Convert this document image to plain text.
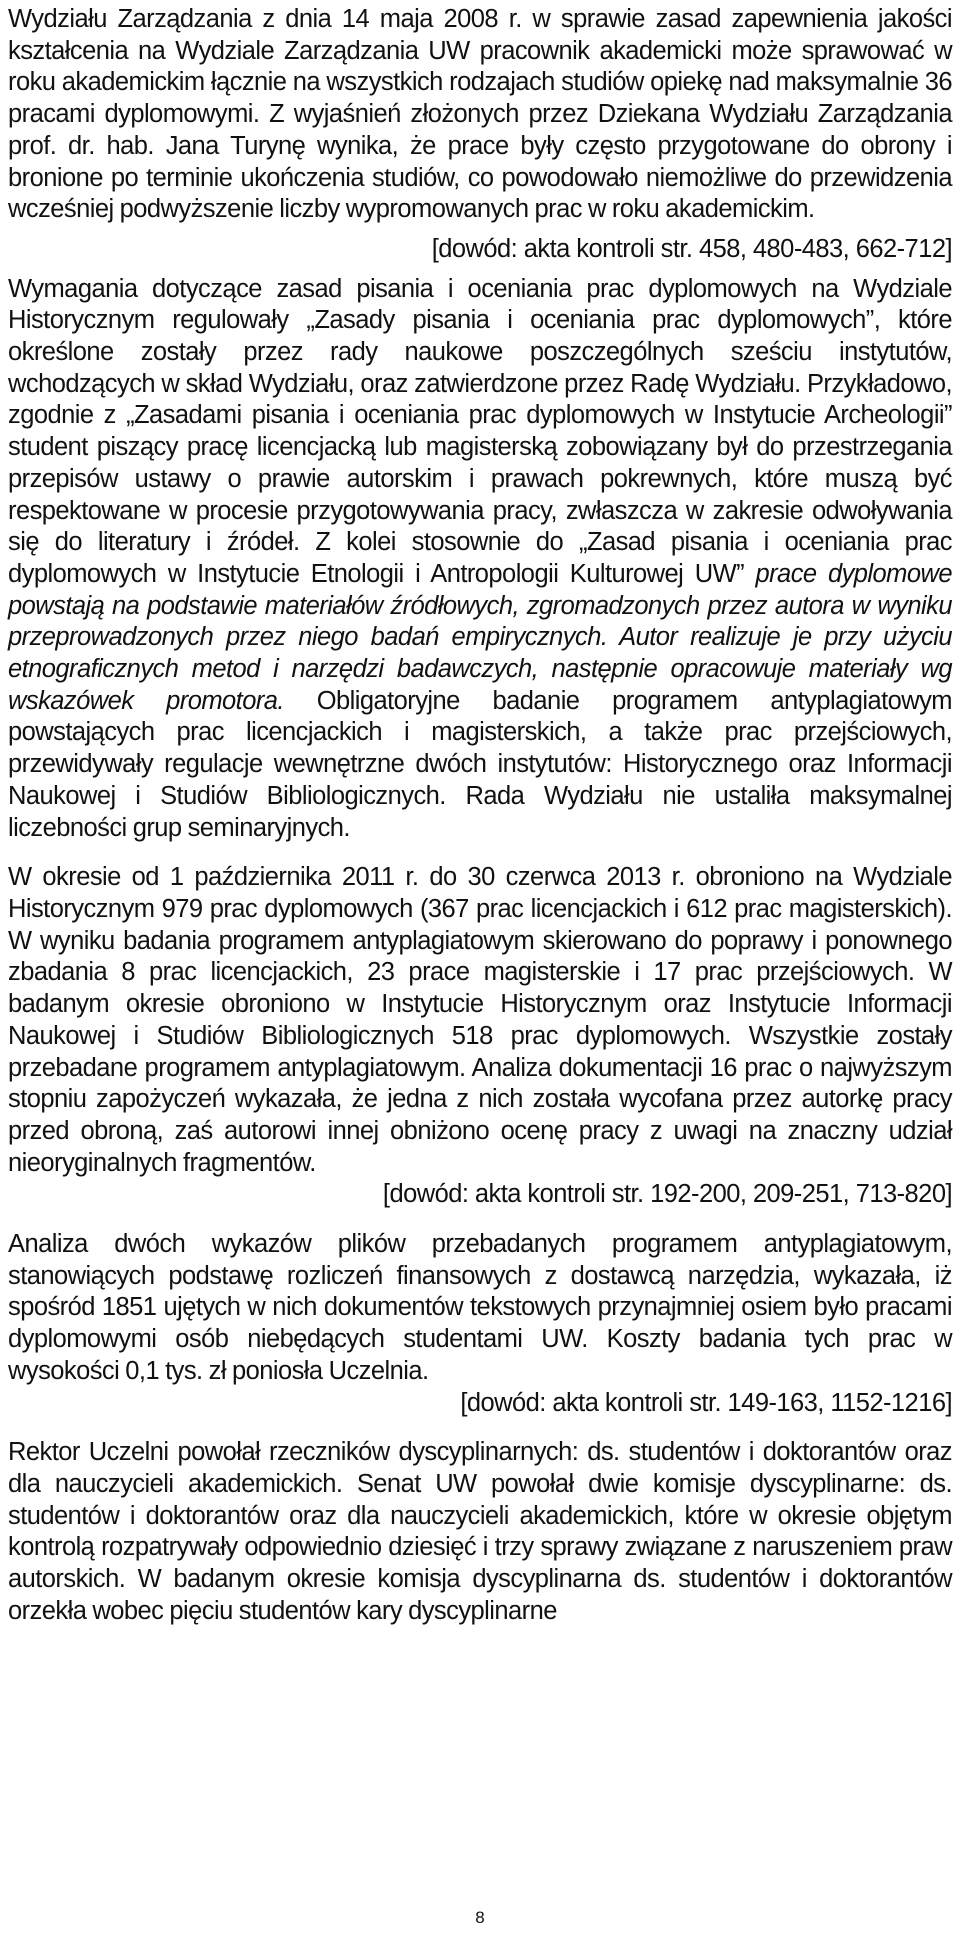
Wydziału Zarządzania z dnia 14 maja 2008 r. w sprawie zasad zapewnienia jakości kształcenia na Wydziale Zarządzania UW pracownik akademicki może sprawować w roku akademickim łącznie na wszystkich rodzajach studiów opiekę nad maksymalnie 36 pracami dyplomowymi. Z wyjaśnień złożonych przez Dziekana Wydziału Zarządzania prof. dr. hab. Jana Turynę wynika, że prace były często przygotowane do obrony i bronione po terminie ukończenia studiów, co powodowało niemożliwe do przewidzenia wcześniej podwyższenie liczby wypromowanych prac w roku akademickim.

[dowód: akta kontroli str. 458, 480-483, 662-712]

Wymagania dotyczące zasad pisania i oceniania prac dyplomowych na Wydziale Historycznym regulowały „Zasady pisania i oceniania prac dyplomowych”, które określone zostały przez rady naukowe poszczególnych sześciu instytutów, wchodzących w skład Wydziału, oraz zatwierdzone przez Radę Wydziału. Przykładowo, zgodnie z „Zasadami pisania i oceniania prac dyplomowych w Instytucie Archeologii” student piszący pracę licencjacką lub magisterską zobowiązany był do przestrzegania przepisów ustawy o prawie autorskim i prawach pokrewnych, które muszą być respektowane w procesie przygotowywania pracy, zwłaszcza w zakresie odwoływania się do literatury i źródeł. Z kolei stosownie do „Zasad pisania i oceniania prac dyplomowych w Instytucie Etnologii i Antropologii Kulturowej UW” prace dyplomowe powstają na podstawie materiałów źródłowych, zgromadzonych przez autora w wyniku przeprowadzonych przez niego badań empirycznych. Autor realizuje je przy użyciu etnograficznych metod i narzędzi badawczych, następnie opracowuje materiały wg wskazówek promotora. Obligatoryjne badanie programem antyplagiatowym powstających prac licencjackich i magisterskich, a także prac przejściowych, przewidywały regulacje wewnętrzne dwóch instytutów: Historycznego oraz Informacji Naukowej i Studiów Bibliologicznych. Rada Wydziału nie ustaliła maksymalnej liczebności grup seminaryjnych.

W okresie od 1 października 2011 r. do 30 czerwca 2013 r. obroniono na Wydziale Historycznym 979 prac dyplomowych (367 prac licencjackich i 612 prac magisterskich). W wyniku badania programem antyplagiatowym skierowano do poprawy i ponownego zbadania 8 prac licencjackich, 23 prace magisterskie i 17 prac przejściowych. W badanym okresie obroniono w Instytucie Historycznym oraz Instytucie Informacji Naukowej i Studiów Bibliologicznych 518 prac dyplomowych. Wszystkie zostały przebadane programem antyplagiatowym. Analiza dokumentacji 16 prac o najwyższym stopniu zapożyczeń wykazała, że jedna z nich została wycofana przez autorkę pracy przed obroną, zaś autorowi innej obniżono ocenę pracy z uwagi na znaczny udział nieoryginalnych fragmentów.

[dowód: akta kontroli str. 192-200, 209-251, 713-820]

Analiza dwóch wykazów plików przebadanych programem antyplagiatowym, stanowiących podstawę rozliczeń finansowych z dostawcą narzędzia, wykazała, iż spośród 1851 ujętych w nich dokumentów tekstowych przynajmniej osiem było pracami dyplomowymi osób niebędących studentami UW. Koszty badania tych prac w wysokości 0,1 tys. zł poniosła Uczelnia.

[dowód: akta kontroli str. 149-163, 1152-1216]

Rektor Uczelni powołał rzeczników dyscyplinarnych: ds. studentów i doktorantów oraz dla nauczycieli akademickich. Senat UW powołał dwie komisje dyscyplinarne: ds. studentów i doktorantów oraz dla nauczycieli akademickich, które w okresie objętym kontrolą rozpatrywały odpowiednio dziesięć i trzy sprawy związane z naruszeniem praw autorskich. W badanym okresie komisja dyscyplinarna ds. studentów i doktorantów orzekła wobec pięciu studentów kary dyscyplinarne

8
